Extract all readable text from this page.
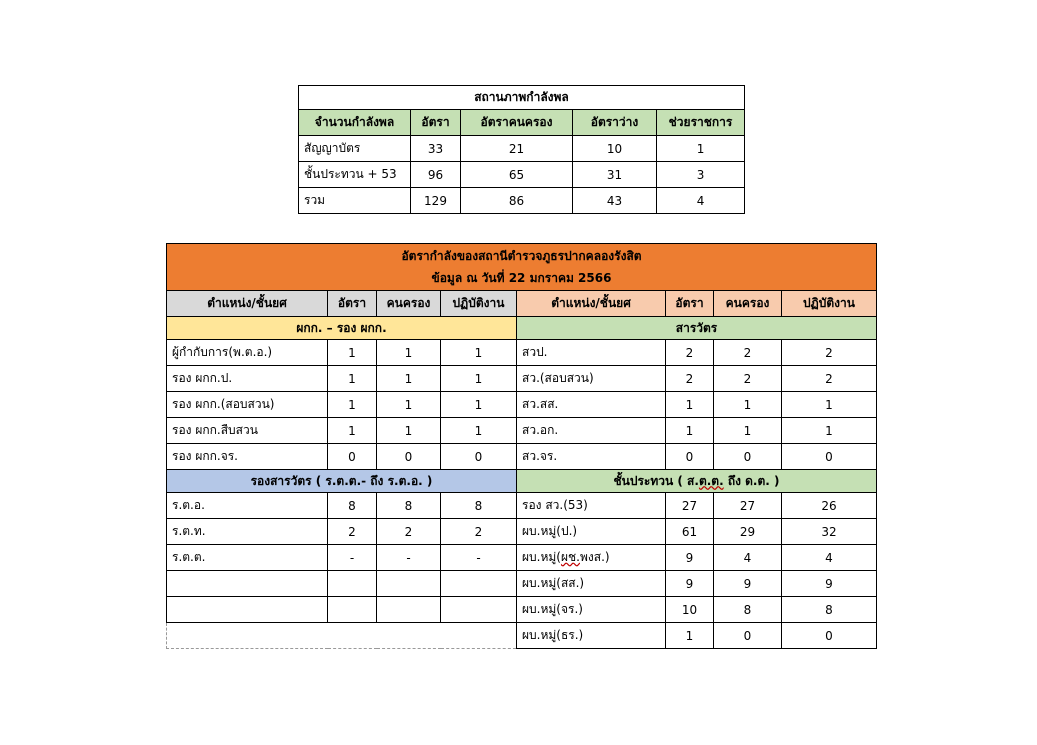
สถานภาพกำลังพล				
จำนวนกำลังพล	อัตรา	อัตราคนครอง	อัตราว่าง	ช่วยราชการ
สัญญาบัตร	33	21	10	1
ชั้นประทวน + 53	96	65	31	3
รวม	129	86	43	4
อัตรากำลังของสถานีตำรวจภูธรปากคลองรังสิต
ข้อมูล ณ วันที่ 22 มกราคม 2566							

ตำแหน่ง/ชั้นยศ	อัตรา	คนครอง	ปฏิบัติงาน	ตำแหน่ง/ชั้นยศ	อัตรา	คนครอง	ปฏิบัติงาน
ผกก. – รอง ผกก.				สารวัตร			
ผู้กำกับการ(พ.ต.อ.)	1	1	1	สวป.	2	2	2
รอง ผกก.ป.	1	1	1	สว.(สอบสวน)	2	2	2
รอง ผกก.(สอบสวน)	1	1	1	สว.สส.	1	1	1
รอง ผกก.สืบสวน	1	1	1	สว.อก.	1	1	1
รอง ผกก.จร.	0	0	0	สว.จร.	0	0	0
รองสารวัตร ( ร.ต.ต.- ถึง ร.ต.อ. )				ชั้นประทวน ( ส.ต.ต. ถึง ด.ต. )			
ร.ต.อ.	8	8	8	รอง สว.(53)	27	27	26
ร.ต.ท.	2	2	2	ผบ.หมู่(ป.)	61	29	32
ร.ต.ต.	-	-	-	ผบ.หมู่(ผช.พงส.)	9	4	4
				ผบ.หมู่(สส.)	9	9	9
				ผบ.หมู่(จร.)	10	8	8
				ผบ.หมู่(ธร.)	1	0	0
